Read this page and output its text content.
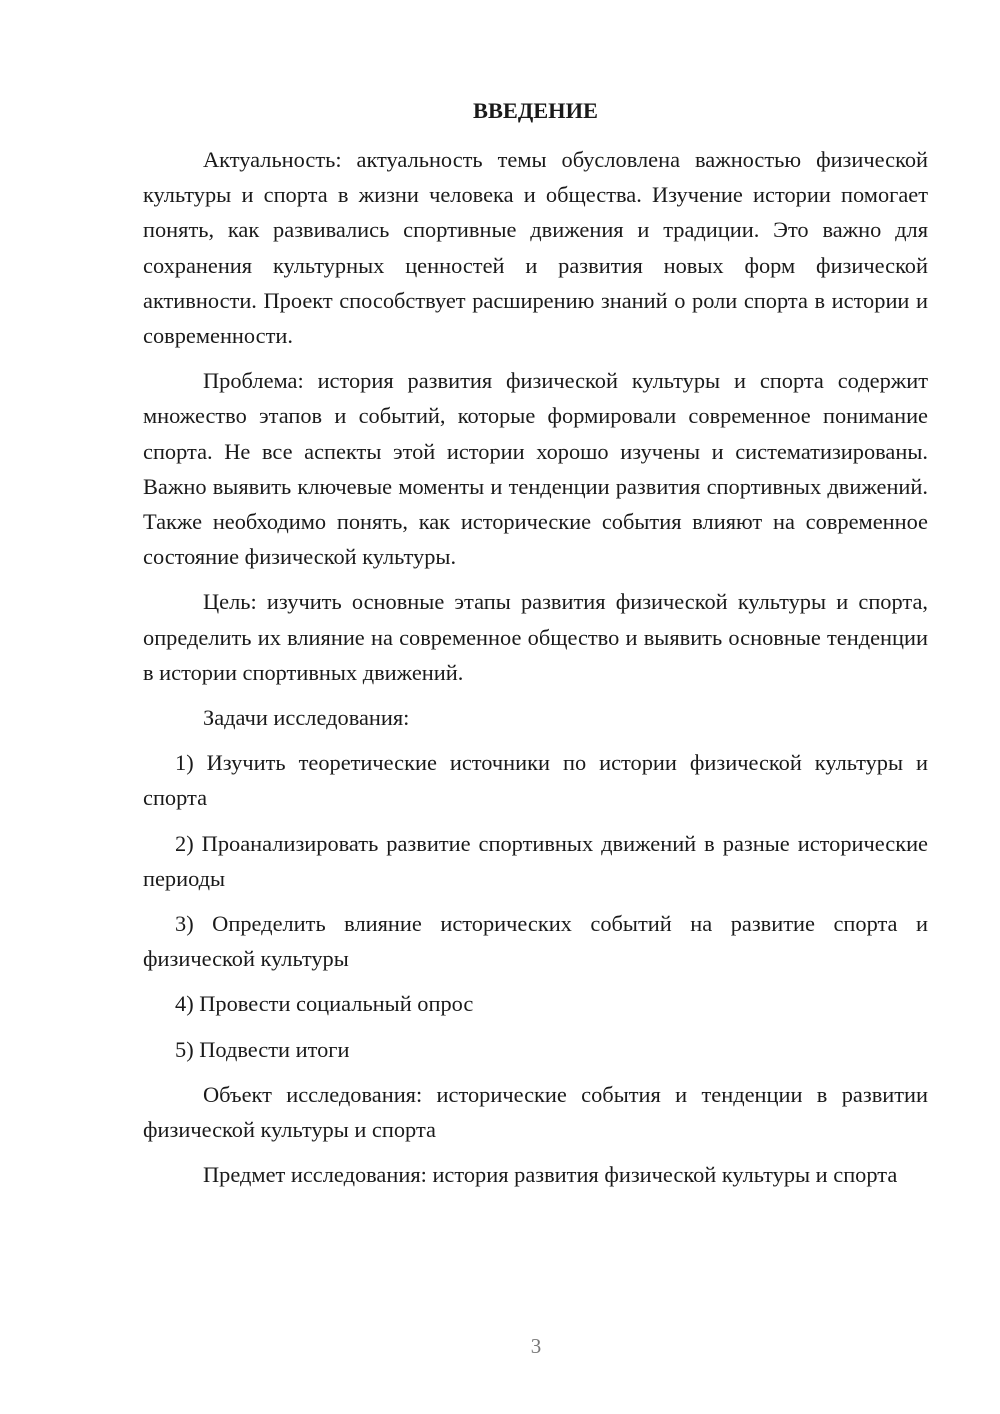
ВВЕДЕНИЕ

Актуальность: актуальность темы обусловлена важностью физической культуры и спорта в жизни человека и общества. Изучение истории помогает понять, как развивались спортивные движения и традиции. Это важно для сохранения культурных ценностей и развития новых форм физической активности. Проект способствует расширению знаний о роли спорта в истории и современности.

Проблема: история развития физической культуры и спорта содержит множество этапов и событий, которые формировали современное понимание спорта. Не все аспекты этой истории хорошо изучены и систематизированы. Важно выявить ключевые моменты и тенденции развития спортивных движений. Также необходимо понять, как исторические события влияют на современное состояние физической культуры.

Цель: изучить основные этапы развития физической культуры и спорта, определить их влияние на современное общество и выявить основные тенденции в истории спортивных движений.

Задачи исследования:

1) Изучить теоретические источники по истории физической культуры и спорта

2) Проанализировать развитие спортивных движений в разные исторические периоды

3) Определить влияние исторических событий на развитие спорта и физической культуры

4) Провести социальный опрос

5) Подвести итоги

Объект исследования: исторические события и тенденции в развитии физической культуры и спорта

Предмет исследования: история развития физической культуры и спорта

3
